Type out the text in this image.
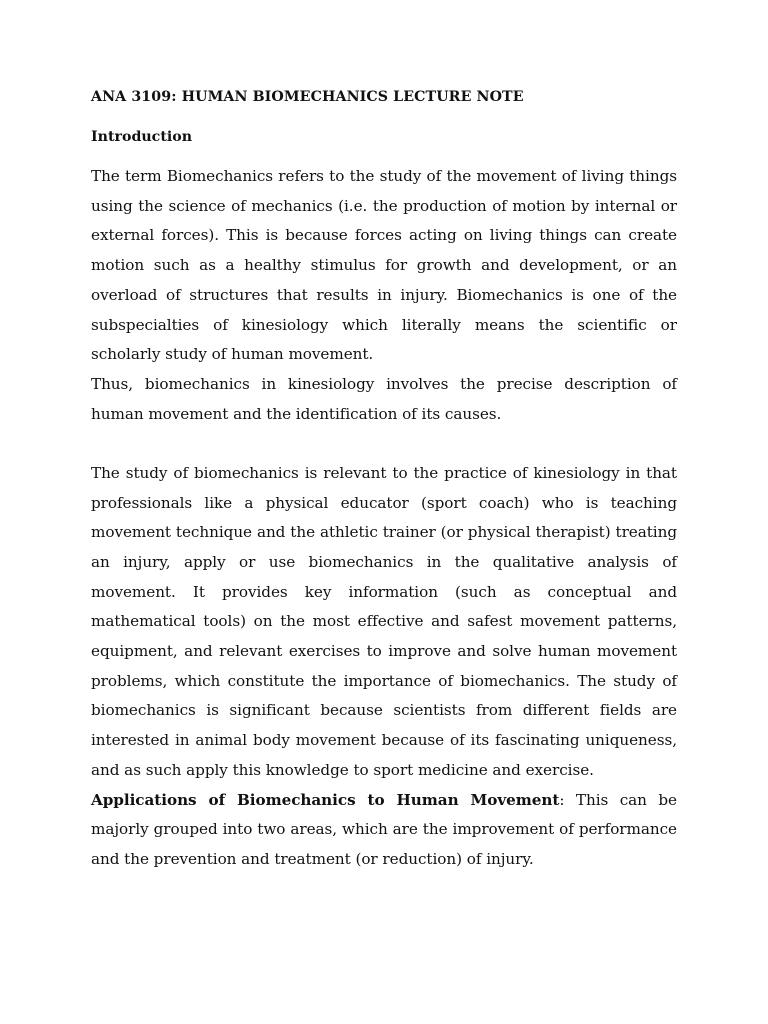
ANA 3109: HUMAN BIOMECHANICS LECTURE NOTE
Introduction

The term Biomechanics refers to the study of the movement of living things using the science of mechanics (i.e. the production of motion by internal or external forces). This is because forces acting on living things can create motion such as a healthy stimulus for growth and development, or an overload of structures that results in injury. Biomechanics is one of the subspecialties of kinesiology which literally means the scientific or scholarly study of human movement.

Thus, biomechanics in kinesiology involves the precise description of human movement and the identification of its causes.

The study of biomechanics is relevant to the practice of kinesiology in that professionals like a physical educator (sport coach) who is teaching movement technique and the athletic trainer (or physical therapist) treating an injury, apply or use biomechanics in the qualitative analysis of movement. It provides key information (such as conceptual and mathematical tools) on the most effective and safest movement patterns, equipment, and relevant exercises to improve and solve human movement problems, which constitute the importance of biomechanics. The study of biomechanics is significant because scientists from different fields are interested in animal body movement because of its fascinating uniqueness, and as such apply this knowledge to sport medicine and exercise.

Applications of Biomechanics to Human Movement: This can be majorly grouped into two areas, which are the improvement of performance and the prevention and treatment (or reduction) of injury.
